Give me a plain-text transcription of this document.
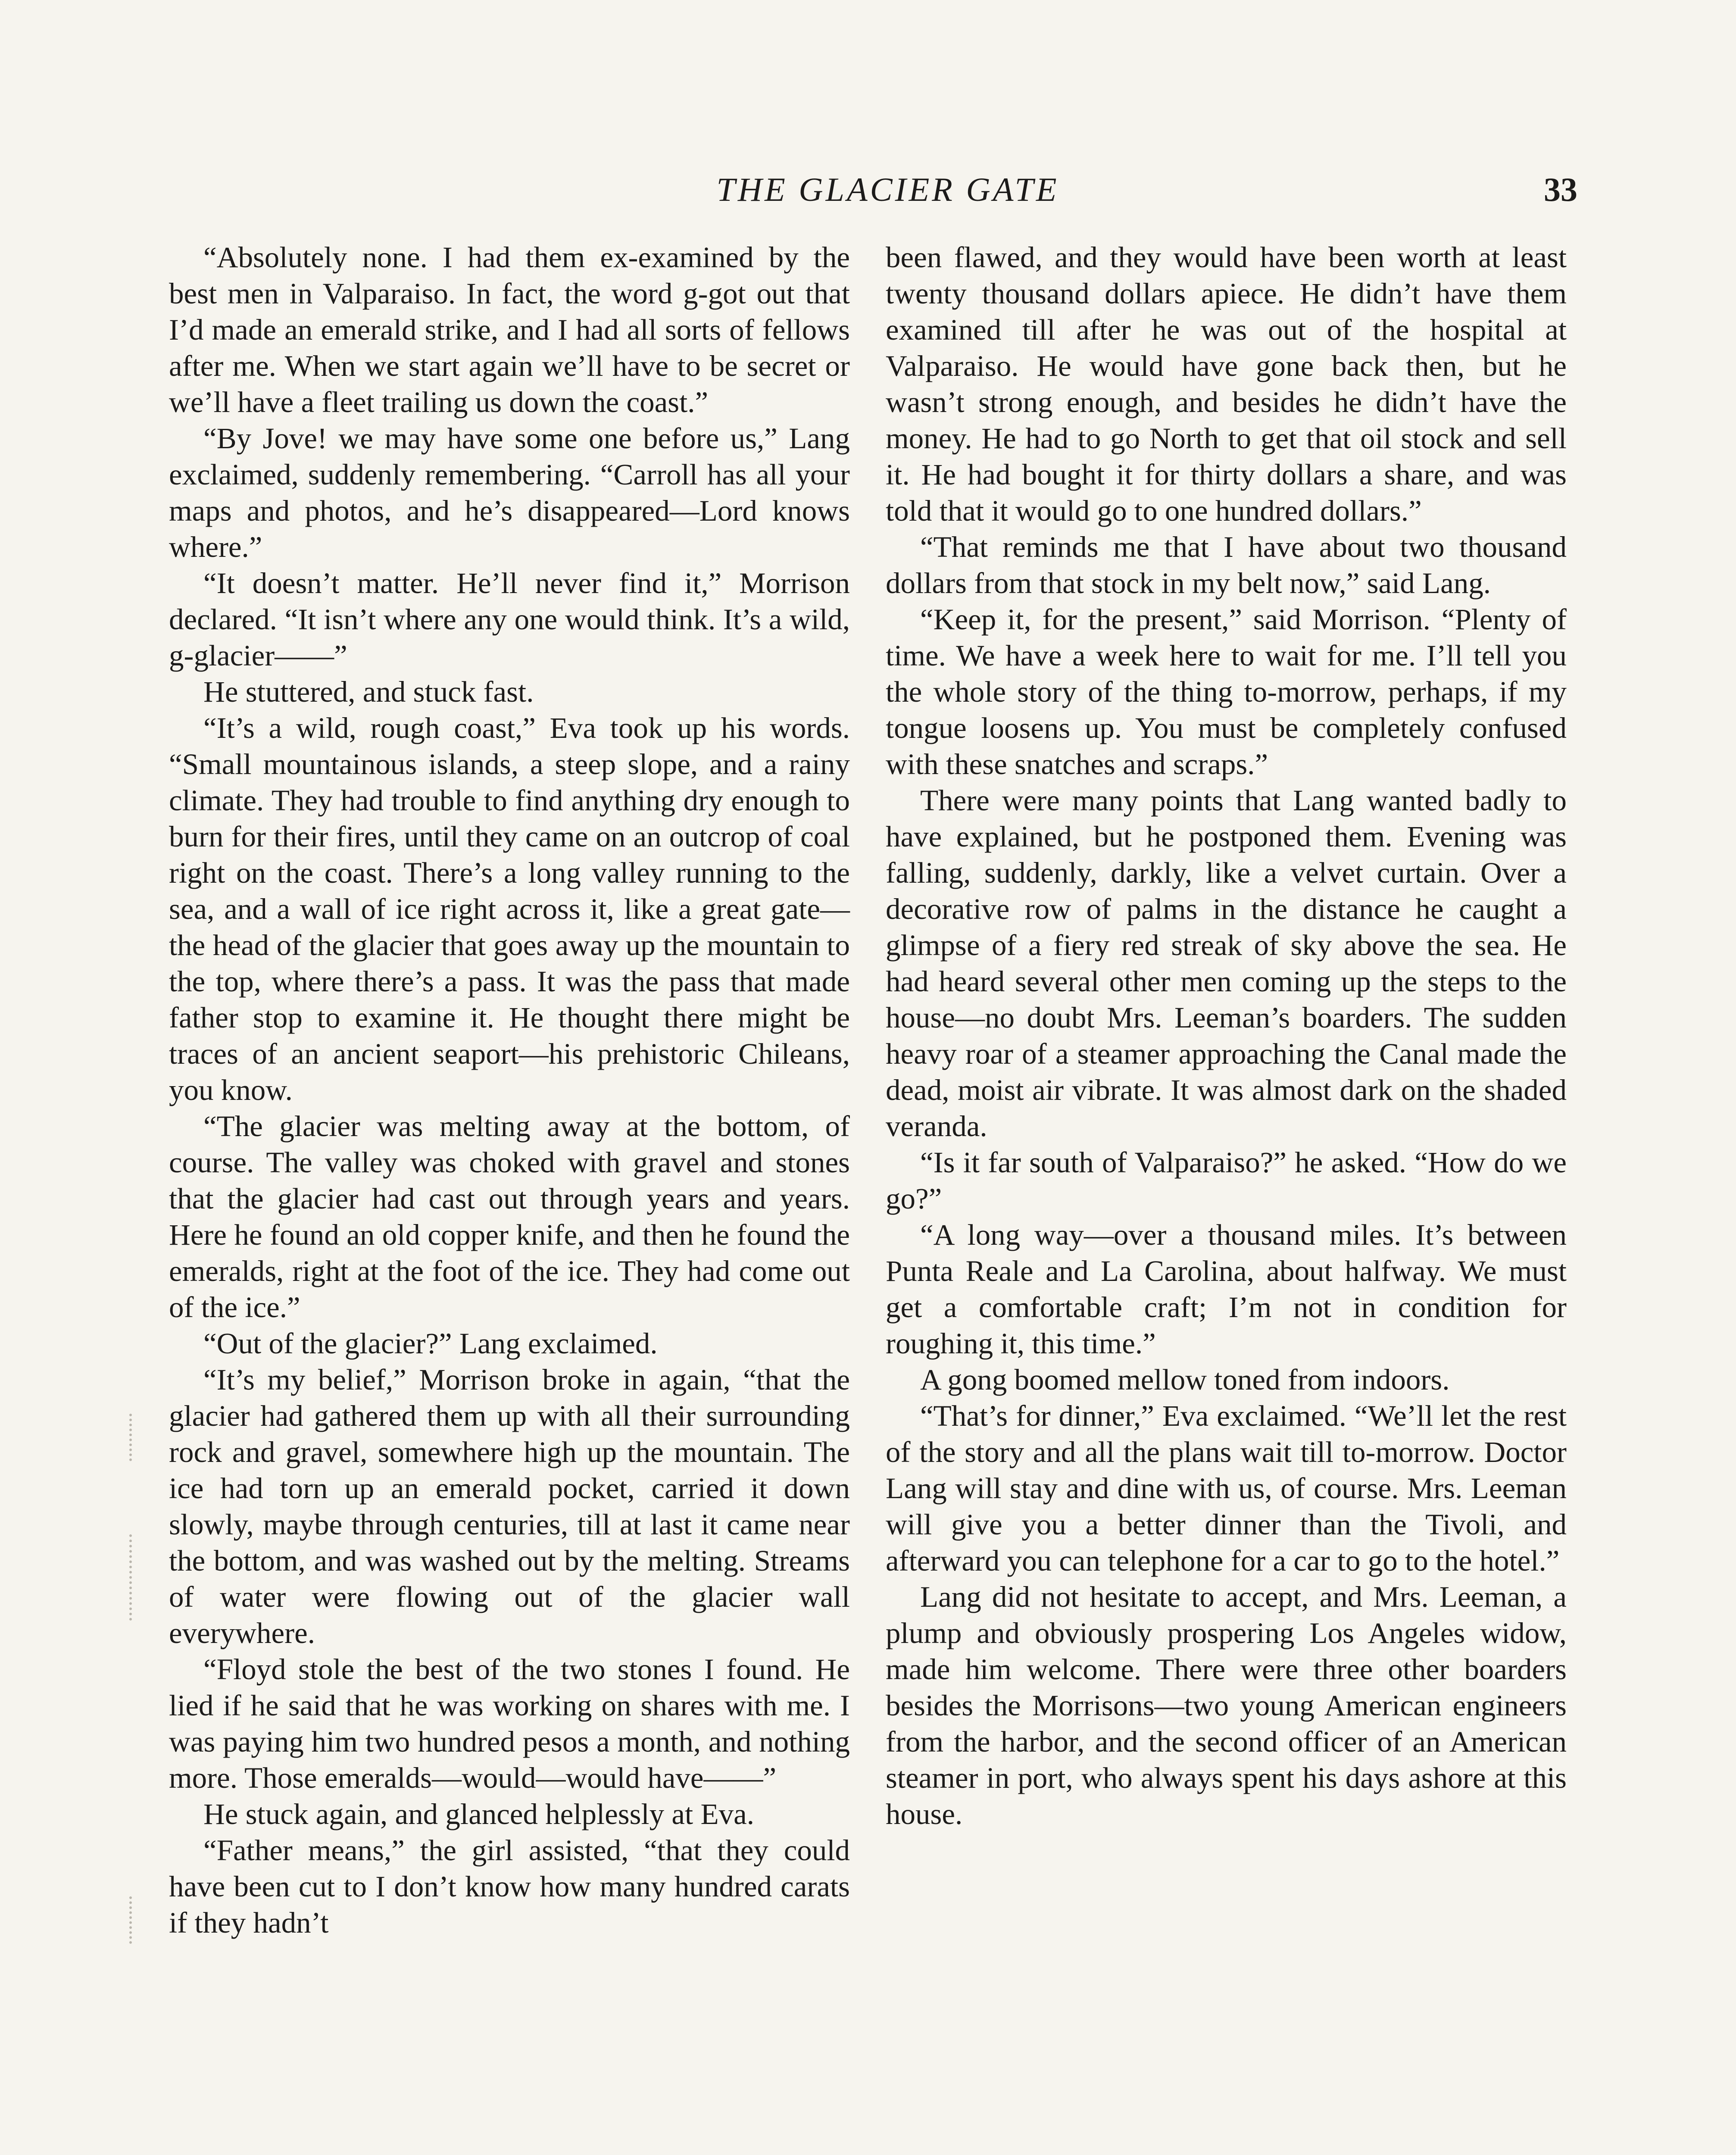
THE GLACIER GATE	33

“Absolutely none. I had them ex-examined by the best men in Valparaiso. In fact, the word g-got out that I’d made an emerald strike, and I had all sorts of fellows after me. When we start again we’ll have to be secret or we’ll have a fleet trailing us down the coast.”

“By Jove! we may have some one before us,” Lang exclaimed, suddenly remembering. “Carroll has all your maps and photos, and he’s disappeared—Lord knows where.”

“It doesn’t matter. He’ll never find it,” Morrison declared. “It isn’t where any one would think. It’s a wild, g-glacier——”

He stuttered, and stuck fast.

“It’s a wild, rough coast,” Eva took up his words. “Small mountainous islands, a steep slope, and a rainy climate. They had trouble to find anything dry enough to burn for their fires, until they came on an outcrop of coal right on the coast. There’s a long valley running to the sea, and a wall of ice right across it, like a great gate—the head of the glacier that goes away up the mountain to the top, where there’s a pass. It was the pass that made father stop to examine it. He thought there might be traces of an ancient seaport—his prehistoric Chileans, you know.

“The glacier was melting away at the bottom, of course. The valley was choked with gravel and stones that the glacier had cast out through years and years. Here he found an old copper knife, and then he found the emeralds, right at the foot of the ice. They had come out of the ice.”

“Out of the glacier?” Lang exclaimed.

“It’s my belief,” Morrison broke in again, “that the glacier had gathered them up with all their surrounding rock and gravel, somewhere high up the mountain. The ice had torn up an emerald pocket, carried it down slowly, maybe through centuries, till at last it came near the bottom, and was washed out by the melting. Streams of water were flowing out of the glacier wall everywhere.

“Floyd stole the best of the two stones I found. He lied if he said that he was working on shares with me. I was paying him two hundred pesos a month, and nothing more. Those emeralds—would—would have——”

He stuck again, and glanced helplessly at Eva.

“Father means,” the girl assisted, “that they could have been cut to I don’t know how many hundred carats if they hadn’t

been flawed, and they would have been worth at least twenty thousand dollars apiece. He didn’t have them examined till after he was out of the hospital at Valparaiso. He would have gone back then, but he wasn’t strong enough, and besides he didn’t have the money. He had to go North to get that oil stock and sell it. He had bought it for thirty dollars a share, and was told that it would go to one hundred dollars.”

“That reminds me that I have about two thousand dollars from that stock in my belt now,” said Lang.

“Keep it, for the present,” said Morrison. “Plenty of time. We have a week here to wait for me. I’ll tell you the whole story of the thing to-morrow, perhaps, if my tongue loosens up. You must be completely confused with these snatches and scraps.”

There were many points that Lang wanted badly to have explained, but he postponed them. Evening was falling, suddenly, darkly, like a velvet curtain. Over a decorative row of palms in the distance he caught a glimpse of a fiery red streak of sky above the sea. He had heard several other men coming up the steps to the house—no doubt Mrs. Leeman’s boarders. The sudden heavy roar of a steamer approaching the Canal made the dead, moist air vibrate. It was almost dark on the shaded veranda.

“Is it far south of Valparaiso?” he asked. “How do we go?”

“A long way—over a thousand miles. It’s between Punta Reale and La Carolina, about halfway. We must get a comfortable craft; I’m not in condition for roughing it, this time.”

A gong boomed mellow toned from indoors.

“That’s for dinner,” Eva exclaimed. “We’ll let the rest of the story and all the plans wait till to-morrow. Doctor Lang will stay and dine with us, of course. Mrs. Leeman will give you a better dinner than the Tivoli, and afterward you can telephone for a car to go to the hotel.”

Lang did not hesitate to accept, and Mrs. Leeman, a plump and obviously prospering Los Angeles widow, made him welcome. There were three other boarders besides the Morrisons—two young American engineers from the harbor, and the second officer of an American steamer in port, who always spent his days ashore at this house.
